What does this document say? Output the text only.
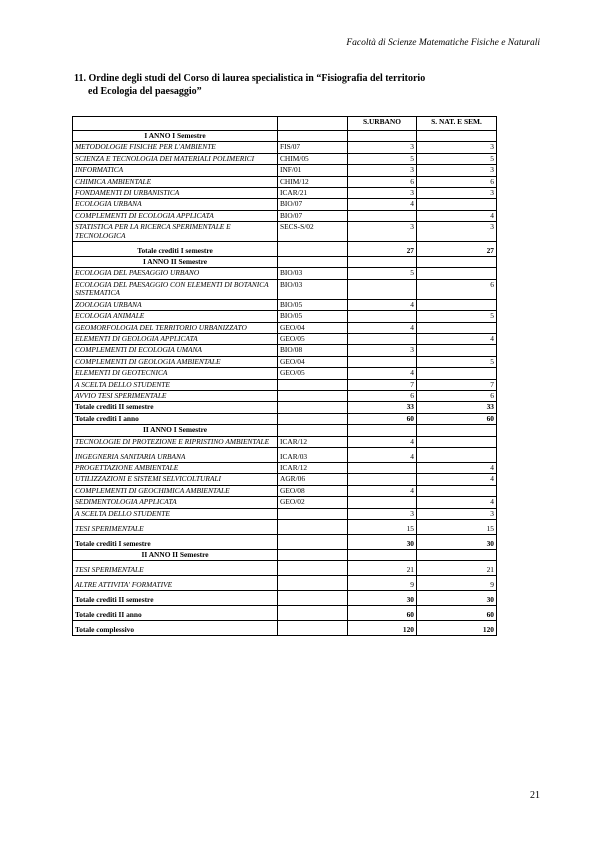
Facoltà di Scienze Matematiche Fisiche e Naturali
11. Ordine degli studi del Corso di laurea specialistica in “Fisiografia del territorio
ed Ecologia del paesaggio”
		S.URBANO	S. NAT. E SEM.
I ANNO I Semestre			
METODOLOGIE FISICHE PER L'AMBIENTE	FIS/07	3	3
SCIENZA E TECNOLOGIA DEI MATERIALI POLIMERICI	CHIM/05	5	5
INFORMATICA	INF/01	3	3
CHIMICA AMBIENTALE	CHIM/12	6	6
FONDAMENTI DI URBANISTICA	ICAR/21	3	3
ECOLOGIA URBANA	BIO/07	4	
COMPLEMENTI DI ECOLOGIA APPLICATA	BIO/07		4
STATISTICA PER LA RICERCA SPERIMENTALE E TECNOLOGICA	SECS-S/02	3	3
Totale crediti I semestre		27	27
I ANNO II Semestre			
ECOLOGIA DEL PAESAGGIO URBANO	BIO/03	5	
ECOLOGIA DEL PAESAGGIO CON ELEMENTI DI BOTANICA SISTEMATICA	BIO/03		6
ZOOLOGIA URBANA	BIO/05	4	
ECOLOGIA ANIMALE	BIO/05		5
GEOMORFOLOGIA DEL TERRITORIO URBANIZZATO	GEO/04	4	
ELEMENTI DI GEOLOGIA APPLICATA	GEO/05		4
COMPLEMENTI DI ECOLOGIA UMANA	BIO/08	3	
COMPLEMENTI DI GEOLOGIA AMBIENTALE	GEO/04		5
ELEMENTI DI GEOTECNICA	GEO/05	4	
A SCELTA DELLO STUDENTE		7	7
AVVIO TESI SPERIMENTALE		6	6
Totale crediti II semestre		33	33
Totale crediti I anno		60	60
II ANNO I Semestre			
TECNOLOGIE DI PROTEZIONE E RIPRISTINO AMBIENTALE	ICAR/12	4	
INGEGNERIA SANITARIA URBANA	ICAR/03	4	
PROGETTAZIONE AMBIENTALE	ICAR/12		4
UTILIZZAZIONI E SISTEMI SELVICOLTURALI	AGR/06		4
COMPLEMENTI DI GEOCHIMICA AMBIENTALE	GEO/08	4	
SEDIMENTOLOGIA APPLICATA	GEO/02		4
A SCELTA DELLO STUDENTE		3	3
TESI SPERIMENTALE		15	15
Totale crediti I semestre		30	30
II ANNO II Semestre			
TESI SPERIMENTALE		21	21
ALTRE ATTIVITA' FORMATIVE		9	9
Totale crediti II semestre		30	30
Totale crediti II anno		60	60
Totale complessivo		120	120
21
